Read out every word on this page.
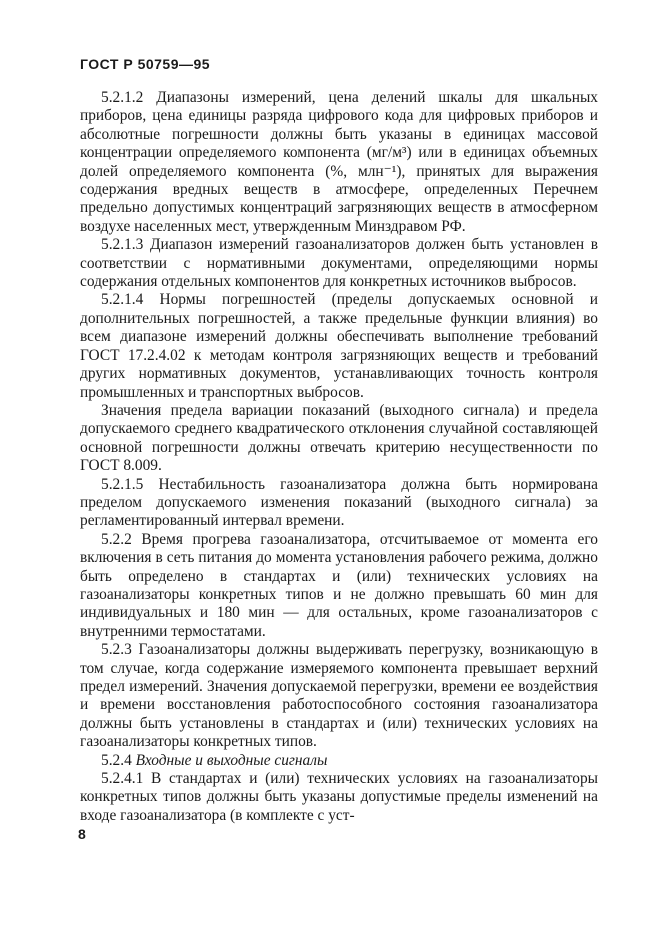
ГОСТ Р 50759—95

5.2.1.2 Диапазоны измерений, цена делений шкалы для шкальных приборов, цена единицы разряда цифрового кода для цифровых приборов и абсолютные погрешности должны быть указаны в единицах массовой концентрации определяемого компонента (мг/м³) или в единицах объемных долей определяемого компонента (%, млн⁻¹), принятых для выражения содержания вредных веществ в атмосфере, определенных Перечнем предельно допустимых концентраций загрязняющих веществ в атмосферном воздухе населенных мест, утвержденным Минздравом РФ.

5.2.1.3 Диапазон измерений газоанализаторов должен быть установлен в соответствии с нормативными документами, определяющими нормы содержания отдельных компонентов для конкретных источников выбросов.

5.2.1.4 Нормы погрешностей (пределы допускаемых основной и дополнительных погрешностей, а также предельные функции влияния) во всем диапазоне измерений должны обеспечивать выполнение требований ГОСТ 17.2.4.02 к методам контроля загрязняющих веществ и требований других нормативных документов, устанавливающих точность контроля промышленных и транспортных выбросов.

Значения предела вариации показаний (выходного сигнала) и предела допускаемого среднего квадратического отклонения случайной составляющей основной погрешности должны отвечать критерию несущественности по ГОСТ 8.009.

5.2.1.5 Нестабильность газоанализатора должна быть нормирована пределом допускаемого изменения показаний (выходного сигнала) за регламентированный интервал времени.

5.2.2 Время прогрева газоанализатора, отсчитываемое от момента его включения в сеть питания до момента установления рабочего режима, должно быть определено в стандартах и (или) технических условиях на газоанализаторы конкретных типов и не должно превышать 60 мин для индивидуальных и 180 мин — для остальных, кроме газоанализаторов с внутренними термостатами.

5.2.3 Газоанализаторы должны выдерживать перегрузку, возникающую в том случае, когда содержание измеряемого компонента превышает верхний предел измерений. Значения допускаемой перегрузки, времени ее воздействия и времени восстановления работоспособного состояния газоанализатора должны быть установлены в стандартах и (или) технических условиях на газоанализаторы конкретных типов.

5.2.4 Входные и выходные сигналы

5.2.4.1 В стандартах и (или) технических условиях на газоанализаторы конкретных типов должны быть указаны допустимые пределы изменений на входе газоанализатора (в комплекте с уст-

8
